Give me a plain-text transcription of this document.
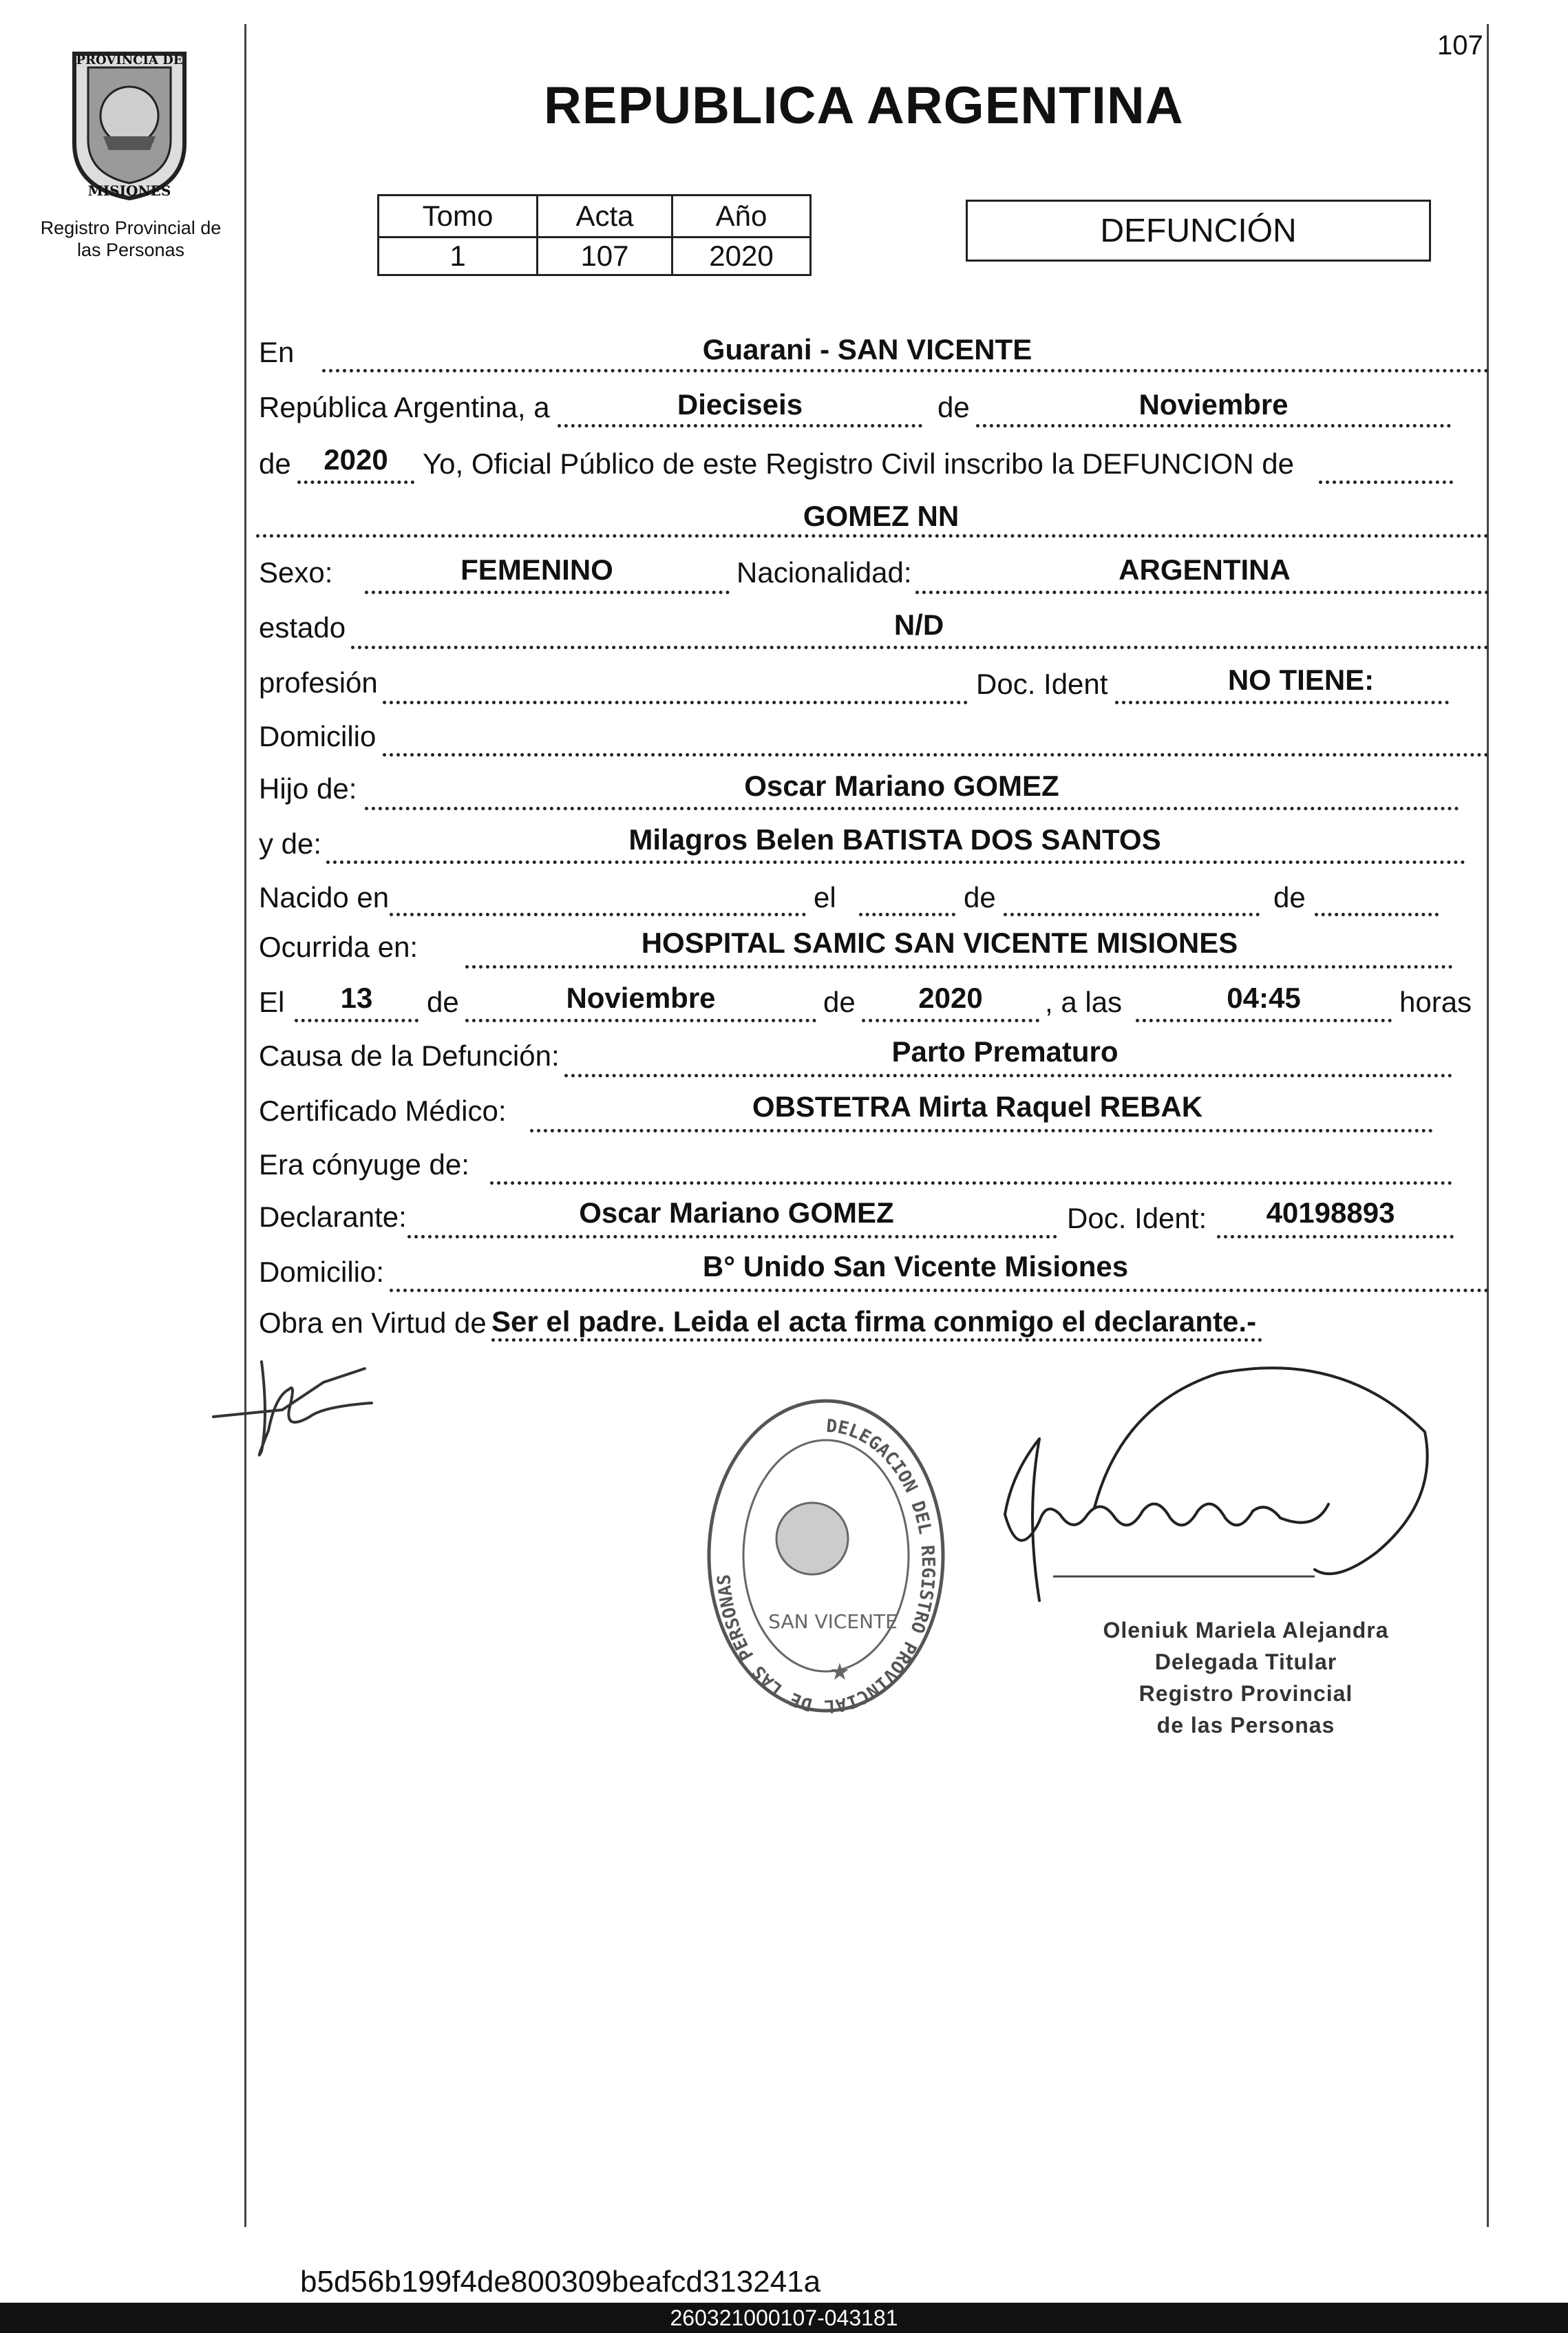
107
PROVINCIA DE
MISIONES
Registro Provincial de
las Personas
REPUBLICA ARGENTINA
Tomo	Acta	Año
1	107	2020
DEFUNCIÓN
En	Guarani - SAN VICENTE
República Argentina, a	Dieciseis	de	Noviembre
de	2020	Yo, Oficial Público de este Registro Civil inscribo la DEFUNCION de
GOMEZ NN
Sexo:	FEMENINO	Nacionalidad:	ARGENTINA
estado	N/D
profesión	Doc. Ident	NO TIENE:
Domicilio
Hijo de:	Oscar Mariano GOMEZ
y de:	Milagros Belen BATISTA DOS SANTOS
Nacido en	el	de	de
Ocurrida en:	HOSPITAL SAMIC SAN VICENTE MISIONES
El	13	de	Noviembre	de	2020	, a las	04:45	horas
Causa de la Defunción:	Parto Prematuro
Certificado Médico:	OBSTETRA Mirta Raquel REBAK
Era cónyuge de:
Declarante:	Oscar Mariano GOMEZ	Doc. Ident:	40198893
Domicilio:	B° Unido San Vicente Misiones
Obra en Virtud de Ser el padre. Leida el acta firma conmigo el declarante.-
DELEGACION DEL REGISTRO PROVINCIAL DE LAS PERSONAS
SAN VICENTE
★
Oleniuk Mariela Alejandra
Delegada Titular
Registro Provincial
de las Personas
b5d56b199f4de800309beafcd313241a
260321000107-043181
